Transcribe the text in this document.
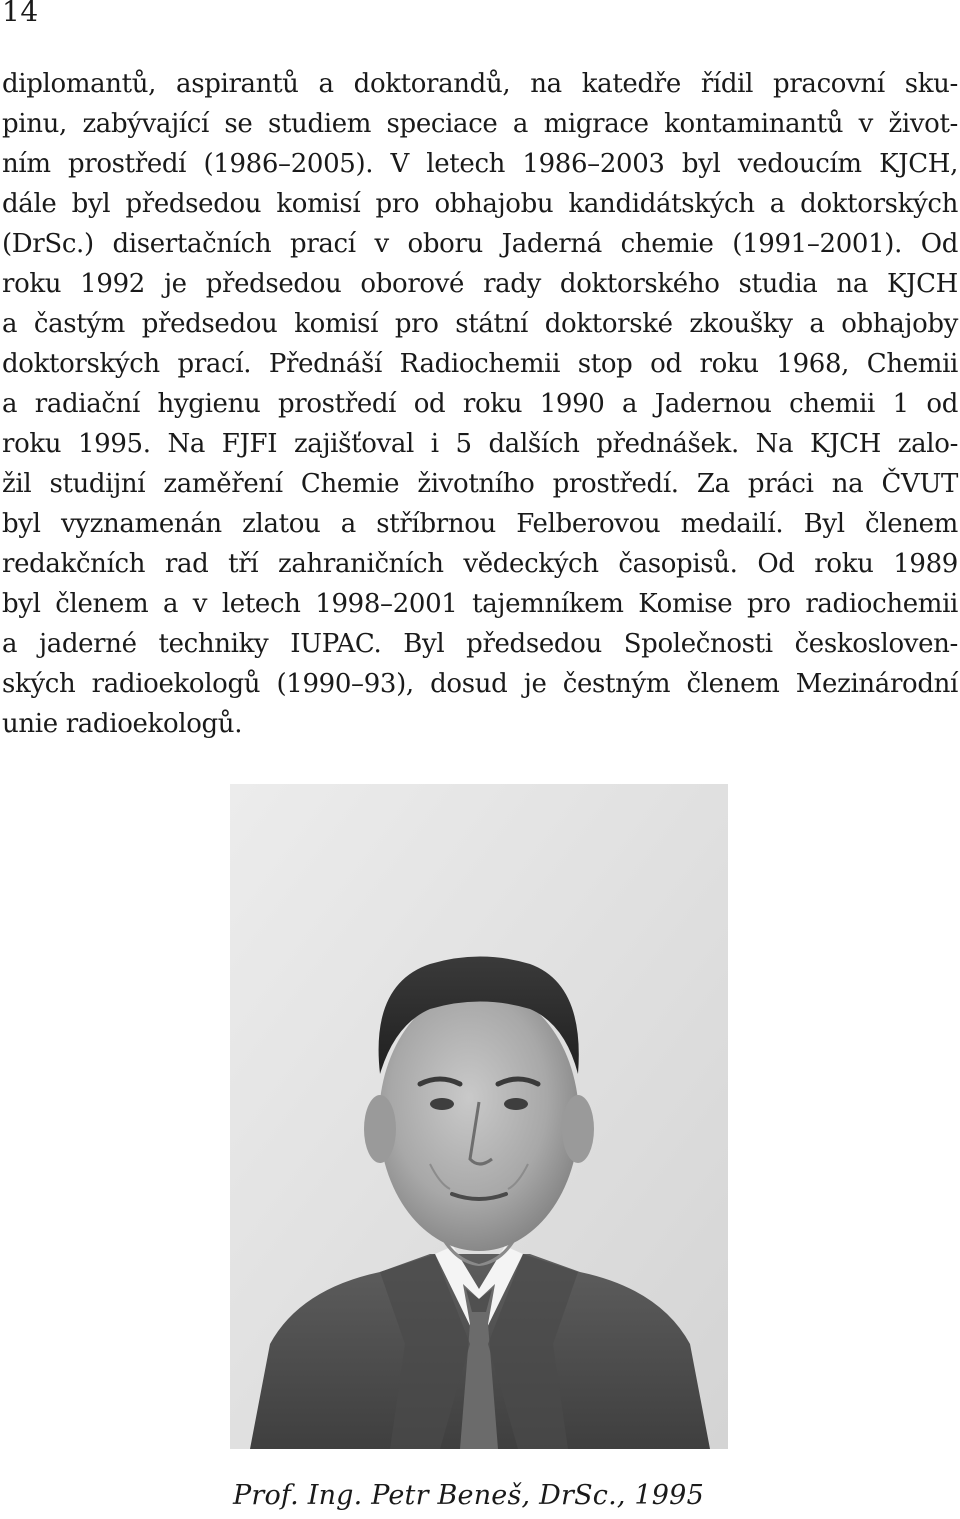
14
diplomantů, aspirantů a doktorandů, na katedře řídil pracovní sku-
pinu, zabývající se studiem speciace a migrace kontaminantů v život-
ním prostředí (1986–2005). V letech 1986–2003 byl vedoucím KJCH,
dále byl předsedou komisí pro obhajobu kandidátských a doktorských
(DrSc.) disertačních prací v oboru Jaderná chemie (1991–2001). Od
roku 1992 je předsedou oborové rady doktorského studia na KJCH
a častým předsedou komisí pro státní doktorské zkoušky a obhajoby
doktorských prací. Přednáší Radiochemii stop od roku 1968, Chemii
a radiační hygienu prostředí od roku 1990 a Jadernou chemii 1 od
roku 1995. Na FJFI zajišťoval i 5 dalších přednášek. Na KJCH zalo-
žil studijní zaměření Chemie životního prostředí. Za práci na ČVUT
byl vyznamenán zlatou a stříbrnou Felberovou medailí. Byl členem
redakčních rad tří zahraničních vědeckých časopisů. Od roku 1989
byl členem a v letech 1998–2001 tajemníkem Komise pro radiochemii
a jaderné techniky IUPAC. Byl předsedou Společnosti českosloven-
ských radioekologů (1990–93), dosud je čestným členem Mezinárodní
unie radioekologů.
Prof. Ing. Petr Beneš, DrSc., 1995
